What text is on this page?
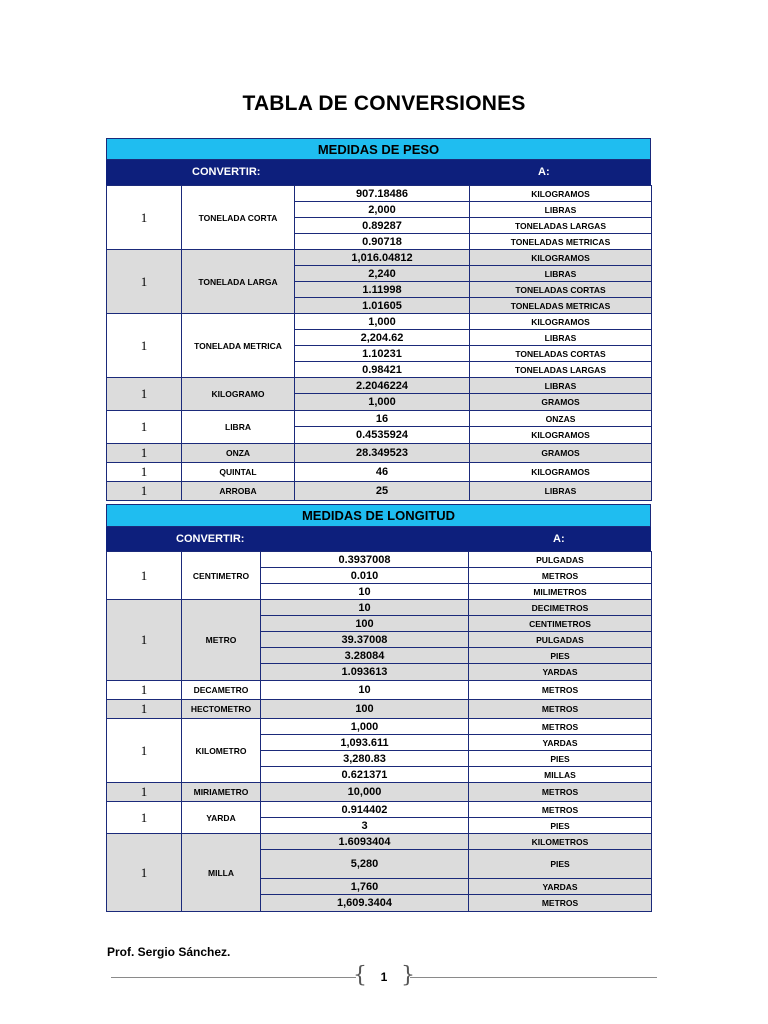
TABLA DE CONVERSIONES
MEDIDAS DE PESO
CONVERTIR:	A:
1	TONELADA CORTA	907.18486	KILOGRAMOS
		2,000	LIBRAS
		0.89287	TONELADAS LARGAS
		0.90718	TONELADAS METRICAS
1	TONELADA LARGA	1,016.04812	KILOGRAMOS
		2,240	LIBRAS
		1.11998	TONELADAS CORTAS
		1.01605	TONELADAS METRICAS
1	TONELADA METRICA	1,000	KILOGRAMOS
		2,204.62	LIBRAS
		1.10231	TONELADAS CORTAS
		0.98421	TONELADAS LARGAS
1	KILOGRAMO	2.2046224	LIBRAS
		1,000	GRAMOS
1	LIBRA	16	ONZAS
		0.4535924	KILOGRAMOS
1	ONZA	28.349523	GRAMOS
1	QUINTAL	46	KILOGRAMOS
1	ARROBA	25	LIBRAS
MEDIDAS DE LONGITUD
CONVERTIR:	A:
1	CENTIMETRO	0.3937008	PULGADAS
		0.010	METROS
		10	MILIMETROS
1	METRO	10	DECIMETROS
		100	CENTIMETROS
		39.37008	PULGADAS
		3.28084	PIES
		1.093613	YARDAS
1	DECAMETRO	10	METROS
1	HECTOMETRO	100	METROS
1	KILOMETRO	1,000	METROS
		1,093.611	YARDAS
		3,280.83	PIES
		0.621371	MILLAS
1	MIRIAMETRO	10,000	METROS
1	YARDA	0.914402	METROS
		3	PIES
1	MILLA	1.6093404	KILOMETROS
		5,280	PIES
		1,760	YARDAS
		1,609.3404	METROS
Prof. Sergio Sánchez.
{ }
1
